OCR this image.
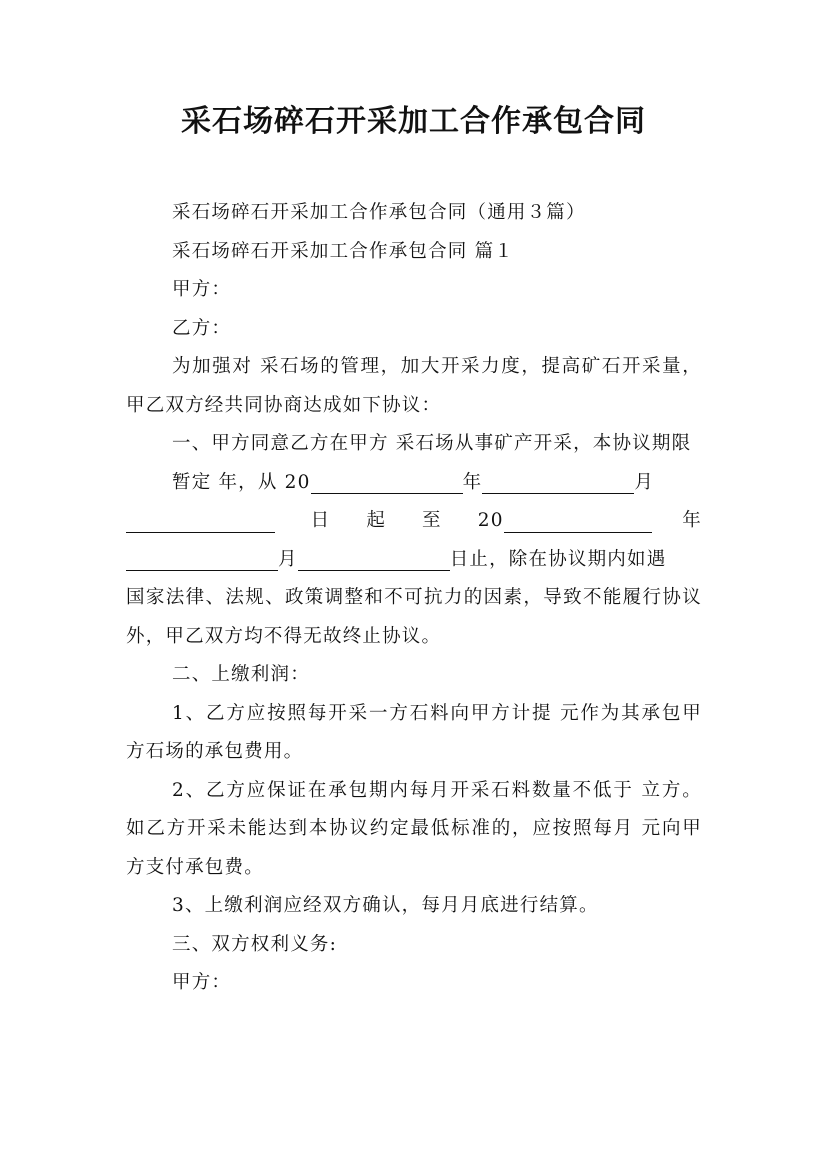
采石场碎石开采加工合作承包合同

采石场碎石开采加工合作承包合同（通用３篇）

采石场碎石开采加工合作承包合同 篇１

甲方：

乙方：

为加强对 采石场的管理，加大开采力度，提高矿石开采量，甲乙双方经共同协商达成如下协议：

一、甲方同意乙方在甲方 采石场从事矿产开采，本协议期限

暂定 年，从 20	年	月
日 起 至 20	年
月	日止，除在协议期内如遇

国家法律、法规、政策调整和不可抗力的因素，导致不能履行协议外，甲乙双方均不得无故终止协议。

二、上缴利润：

1、乙方应按照每开采一方石料向甲方计提 元作为其承包甲方石场的承包费用。

2、乙方应保证在承包期内每月开采石料数量不低于 立方。如乙方开采未能达到本协议约定最低标准的，应按照每月 元向甲方支付承包费。

3、上缴利润应经双方确认，每月月底进行结算。

三、双方权利义务:

甲方：
